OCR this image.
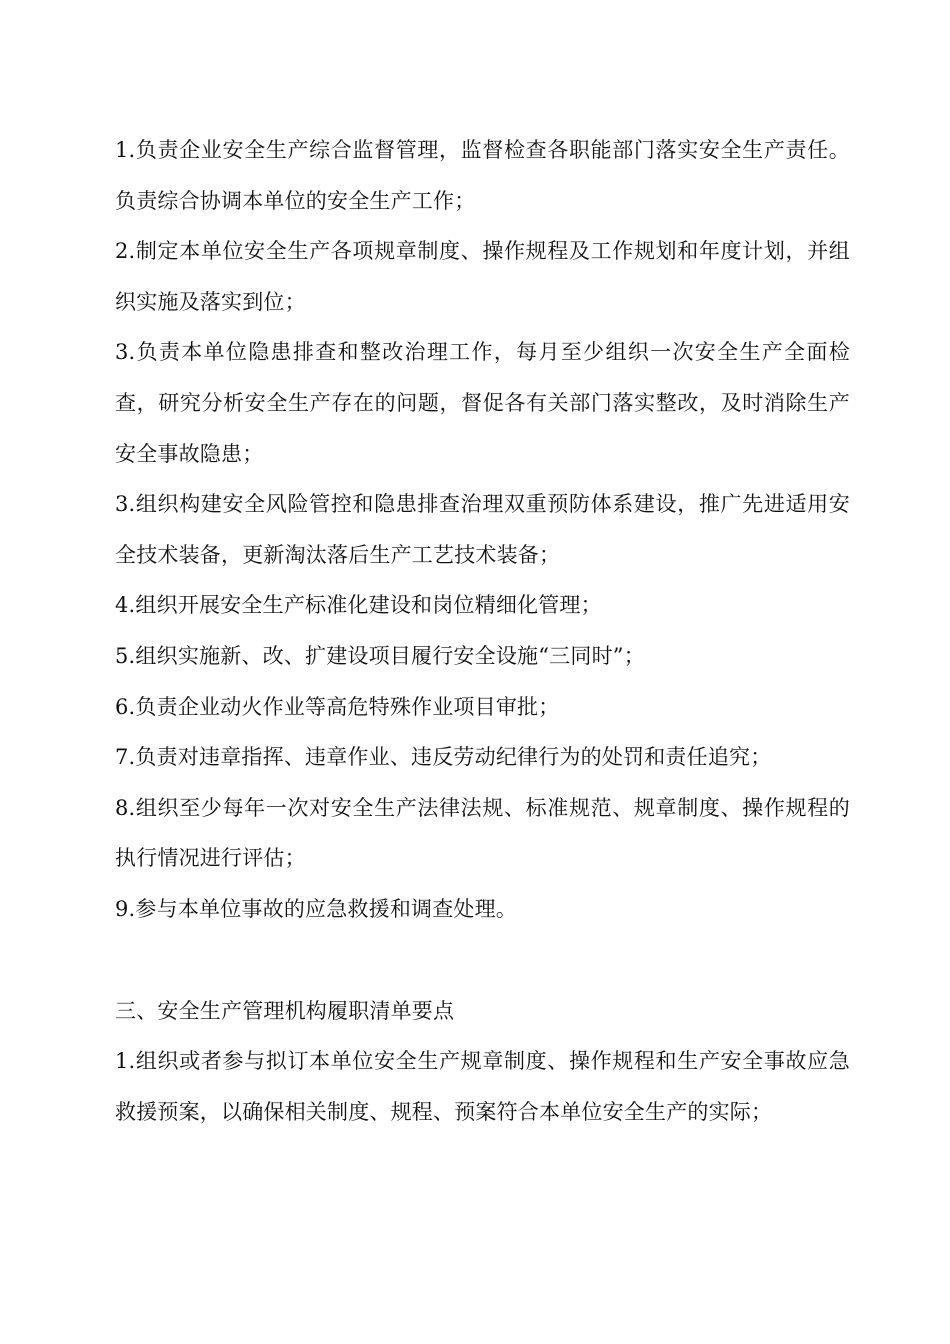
1.负责企业安全生产综合监督管理，监督检查各职能部门落实安全生产责任。负责综合协调本单位的安全生产工作；

2.制定本单位安全生产各项规章制度、操作规程及工作规划和年度计划，并组织实施及落实到位；

3.负责本单位隐患排查和整改治理工作，每月至少组织一次安全生产全面检查，研究分析安全生产存在的问题，督促各有关部门落实整改，及时消除生产安全事故隐患；

3.组织构建安全风险管控和隐患排查治理双重预防体系建设，推广先进适用安全技术装备，更新淘汰落后生产工艺技术装备；

4.组织开展安全生产标准化建设和岗位精细化管理；

5.组织实施新、改、扩建设项目履行安全设施“三同时”；

6.负责企业动火作业等高危特殊作业项目审批；

7.负责对违章指挥、违章作业、违反劳动纪律行为的处罚和责任追究；

8.组织至少每年一次对安全生产法律法规、标准规范、规章制度、操作规程的执行情况进行评估；

9.参与本单位事故的应急救援和调查处理。

三、安全生产管理机构履职清单要点

1.组织或者参与拟订本单位安全生产规章制度、操作规程和生产安全事故应急救援预案，以确保相关制度、规程、预案符合本单位安全生产的实际；
